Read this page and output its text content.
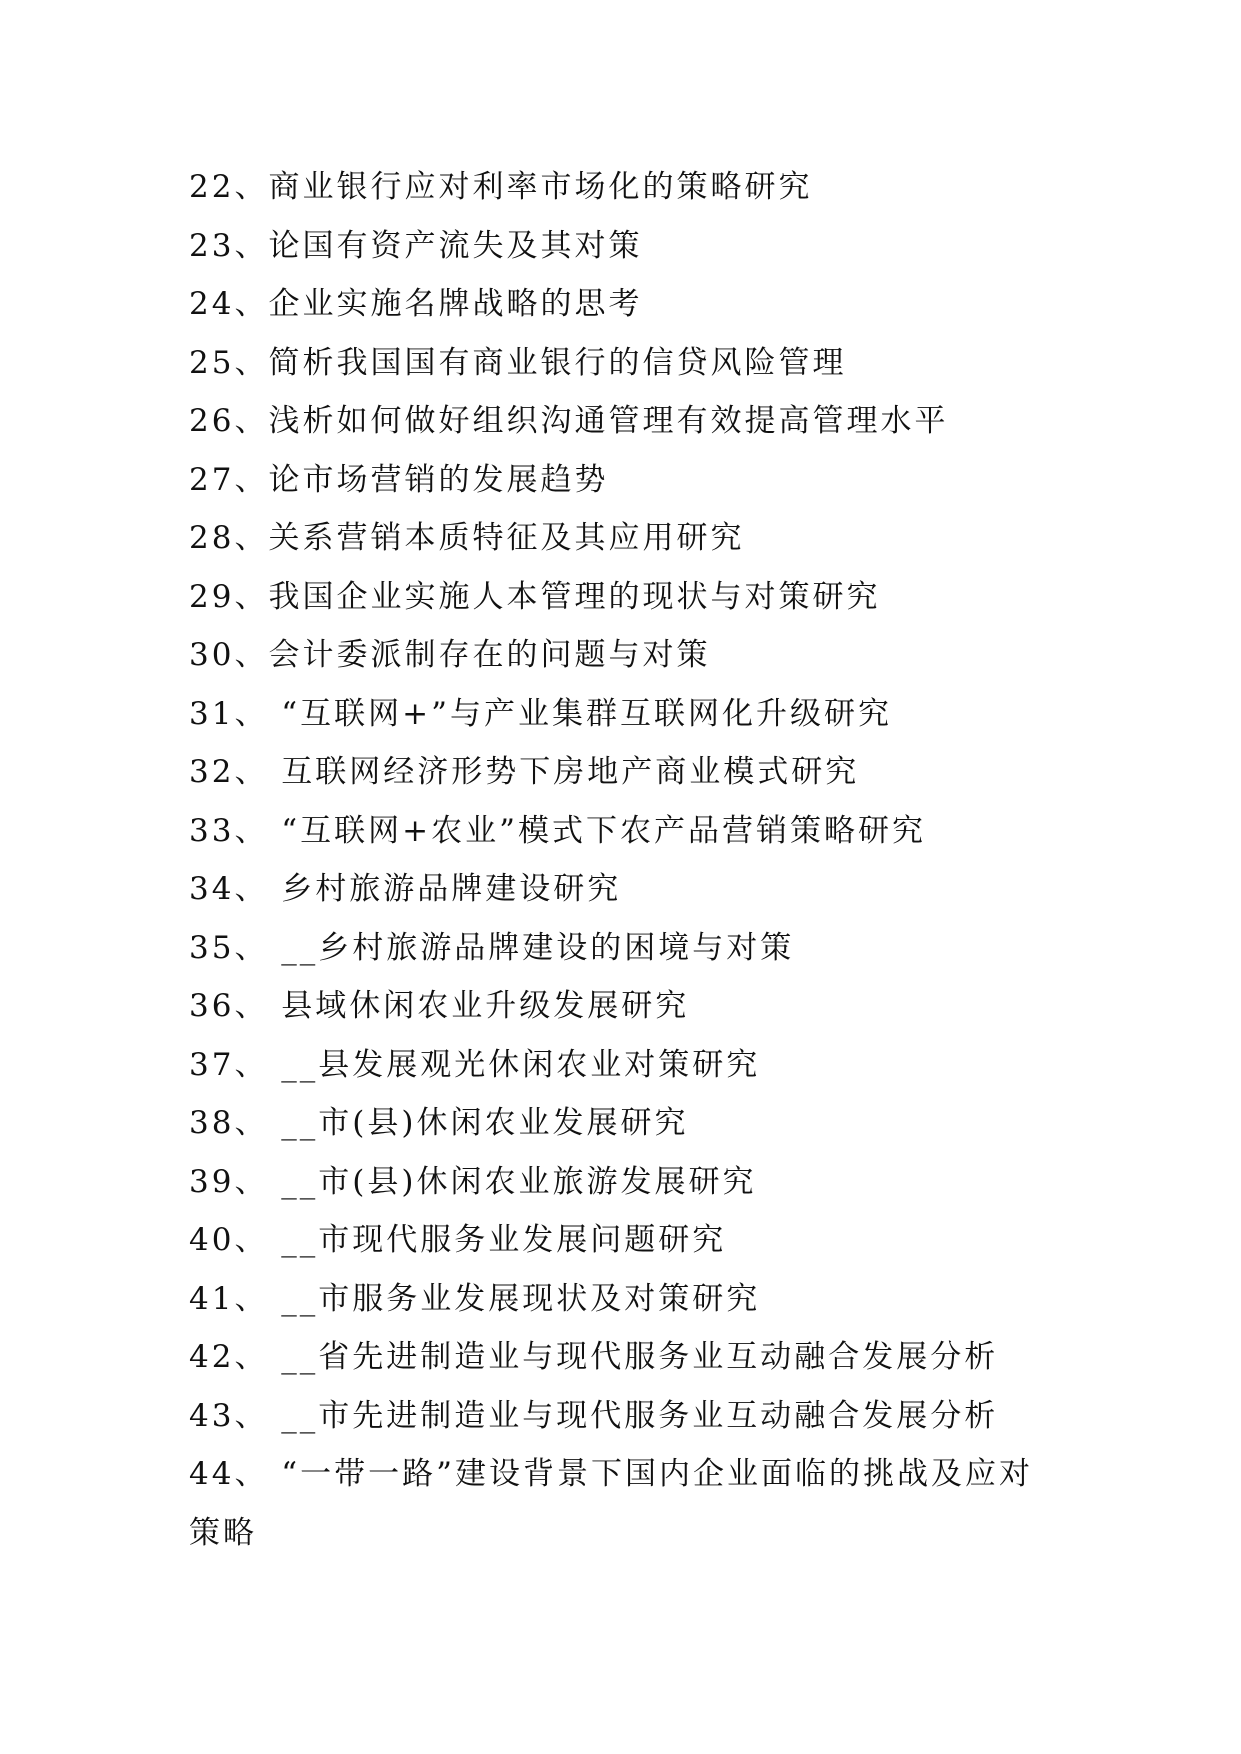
22、商业银行应对利率市场化的策略研究
23、论国有资产流失及其对策
24、企业实施名牌战略的思考
25、简析我国国有商业银行的信贷风险管理
26、浅析如何做好组织沟通管理有效提高管理水平
27、论市场营销的发展趋势
28、关系营销本质特征及其应用研究
29、我国企业实施人本管理的现状与对策研究
30、会计委派制存在的问题与对策
31、 “互联网+”与产业集群互联网化升级研究
32、 互联网经济形势下房地产商业模式研究
33、 “互联网+农业”模式下农产品营销策略研究
34、 乡村旅游品牌建设研究
35、 __乡村旅游品牌建设的困境与对策
36、 县域休闲农业升级发展研究
37、 __县发展观光休闲农业对策研究
38、 __市(县)休闲农业发展研究
39、 __市(县)休闲农业旅游发展研究
40、 __市现代服务业发展问题研究
41、 __市服务业发展现状及对策研究
42、 __省先进制造业与现代服务业互动融合发展分析
43、 __市先进制造业与现代服务业互动融合发展分析
44、 “一带一路”建设背景下国内企业面临的挑战及应对
策略
